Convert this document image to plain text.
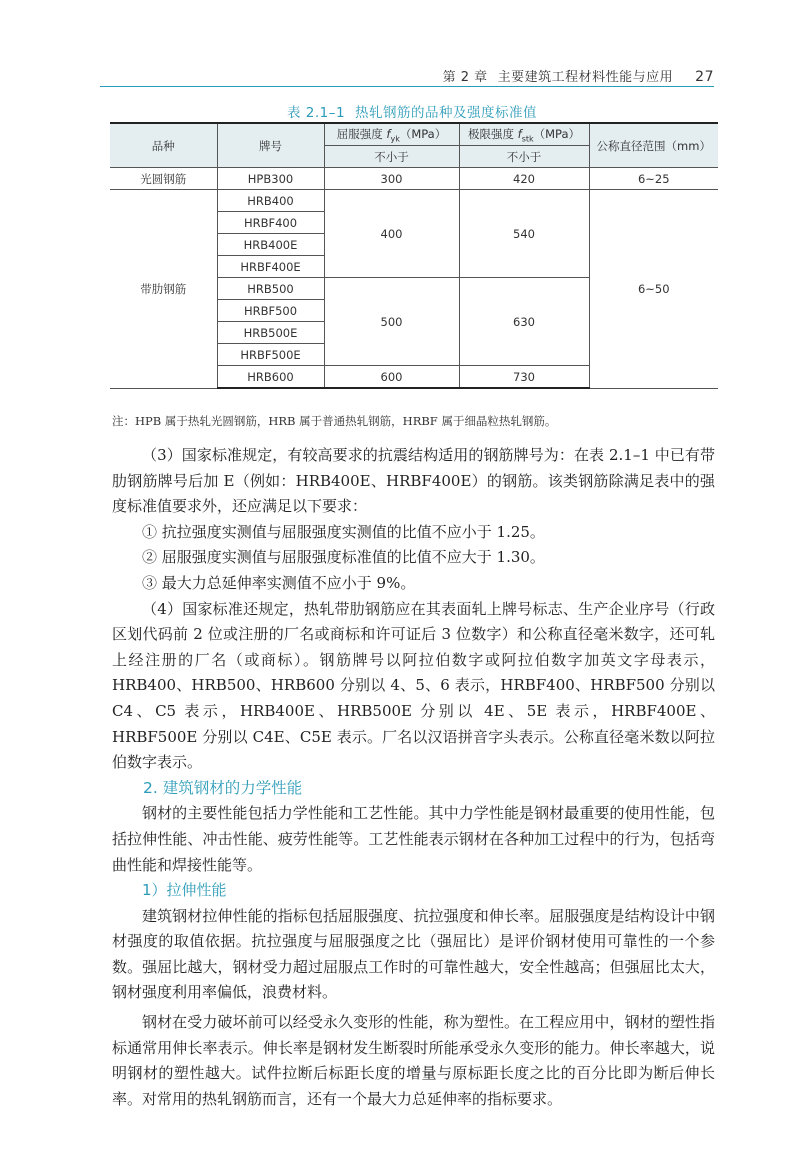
第 2 章 主要建筑工程材料性能与应用 27
表 2.1–1 热轧钢筋的品种及强度标准值
品种	牌号	屈服强度 $f_{yk}(MPa)$	极限强度 $f_{stk}(MPa)$	公称直径范围（mm）
		不小于	不小于	
光圆钢筋	HPB300	300	420	6~25
带肋钢筋	HRB400	400	540	6~50
	HRBF400			
	HRB400E			
	HRBF400E			
	HRB500	500	630	
	HRBF500			
	HRB500E			
	HRBF500E			
	HRB600	600	730	
注：HPB 属于热轧光圆钢筋，HRB 属于普通热轧钢筋，HRBF 属于细晶粒热轧钢筋。

（3）国家标准规定，有较高要求的抗震结构适用的钢筋牌号为：在表 2.1–1 中已有带肋钢筋牌号后加 E（例如：HRB400E、HRBF400E）的钢筋。该类钢筋除满足表中的强度标准值要求外，还应满足以下要求：

① 抗拉强度实测值与屈服强度实测值的比值不应小于 1.25。

② 屈服强度实测值与屈服强度标准值的比值不应大于 1.30。

③ 最大力总延伸率实测值不应小于 9%。

（4）国家标准还规定，热轧带肋钢筋应在其表面轧上牌号标志、生产企业序号（行政区划代码前 2 位或注册的厂名或商标和许可证后 3 位数字）和公称直径毫米数字，还可轧上经注册的厂名（或商标）。钢筋牌号以阿拉伯数字或阿拉伯数字加英文字母表示，HRB400、HRB500、HRB600 分别以 4、5、6 表示，HRBF400、HRBF500 分别以 C4、C5 表示，HRB400E、HRB500E 分别以 4E、5E 表示，HRBF400E、HRBF500E 分别以 C4E、C5E 表示。厂名以汉语拼音字头表示。公称直径毫米数以阿拉伯数字表示。

2. 建筑钢材的力学性能

钢材的主要性能包括力学性能和工艺性能。其中力学性能是钢材最重要的使用性能，包括拉伸性能、冲击性能、疲劳性能等。工艺性能表示钢材在各种加工过程中的行为，包括弯曲性能和焊接性能等。

1）拉伸性能

建筑钢材拉伸性能的指标包括屈服强度、抗拉强度和伸长率。屈服强度是结构设计中钢材强度的取值依据。抗拉强度与屈服强度之比（强屈比）是评价钢材使用可靠性的一个参数。强屈比越大，钢材受力超过屈服点工作时的可靠性越大，安全性越高；但强屈比太大，钢材强度利用率偏低，浪费材料。

钢材在受力破坏前可以经受永久变形的性能，称为塑性。在工程应用中，钢材的塑性指标通常用伸长率表示。伸长率是钢材发生断裂时所能承受永久变形的能力。伸长率越大，说明钢材的塑性越大。试件拉断后标距长度的增量与原标距长度之比的百分比即为断后伸长率。对常用的热轧钢筋而言，还有一个最大力总延伸率的指标要求。
